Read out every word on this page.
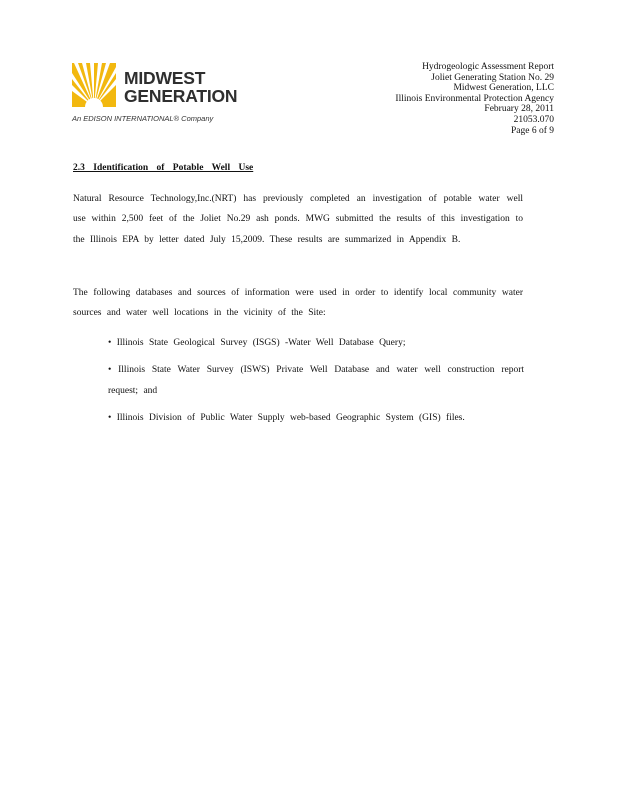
MIDWEST
GENERATION
An EDISON INTERNATIONAL® Company
Hydrogeologic Assessment Report
Joliet Generating Station No. 29
Midwest Generation, LLC
Illinois Environmental Protection Agency
February 28, 2011
21053.070
Page 6 of 9
2.3 Identification of Potable Well Use
Natural Resource Technology,Inc.(NRT) has previously completed an investigation of potable water well use within 2,500 feet of the Joliet No.29 ash ponds. MWG submitted the results of this investigation to the Illinois EPA by letter dated July 15,2009. These results are summarized in Appendix B.
The following databases and sources of information were used in order to identify local community water sources and water well locations in the vicinity of the Site:
• Illinois State Geological Survey (ISGS) -Water Well Database Query;
• Illinois State Water Survey (ISWS) Private Well Database and water well construction report request; and
• Illinois Division of Public Water Supply web-based Geographic System (GIS) files.
